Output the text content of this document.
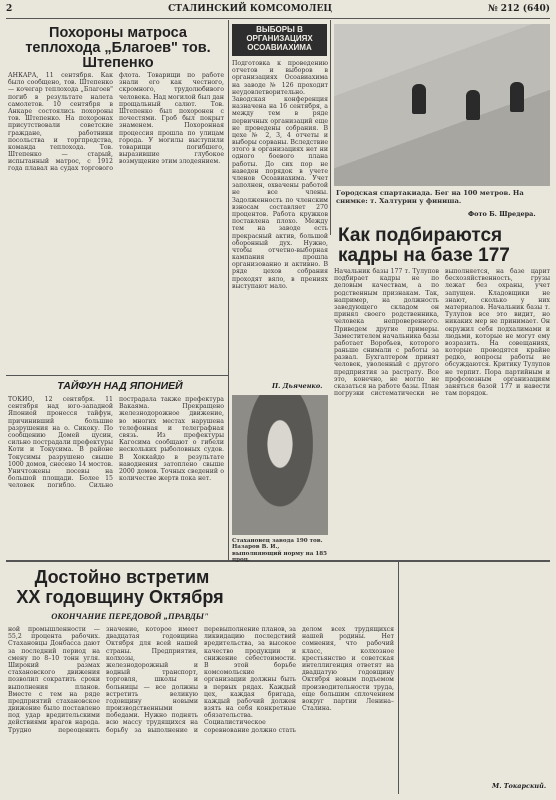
2	СТАЛИНСКИЙ КОМСОМОЛЕЦ	№ 212 (640)
Похороны матроса теплохода „Благоев" тов. Штепенко
АНКАРА, 11 сентября. Как было сообщено, тов. Штепенко — кочегар теплохода „Благоев" погиб в результате налета самолетов. 10 сентября в Анкаре состоялись похороны тов. Штепенко. На похоронах присутствовали советские граждане, работники посольства и торгпредства, команда теплохода. Тов. Штепенко — старый, испытанный матрос, с 1912 года плавал на судах торгового флота. Товарищи по работе знали его как честного, скромного, трудолюбивого человека. Над могилой был дан прощальный салют. Тов. Штепенко был похоронен с почестями. Гроб был покрыт знаменем. Похоронная процессия прошла по улицам города. У могилы выступили товарищи погибшего, выразившие глубокое возмущение этим злодеянием.
ВЫБОРЫ В ОРГАНИЗАЦИЯХ ОСОАВИАХИМА
Подготовка к проведению отчетов и выборов в организациях Осоавиахима на заводе № 126 проходит неудовлетворительно. Заводская конференция назначена на 16 сентября, а между тем в ряде первичных организаций еще не проведены собрания. В цехе № 2, 3, 4 отчеты и выборы сорваны. Вследствие этого в организациях нет ни одного боевого плана работы. До сих пор не наведен порядок в учете членов Осоавиахима. Учет заполнен, охвачены работой не все члены. Задолженность по членским взносам составляет 270 процентов. Работа кружков поставлена плохо. Между тем на заводе есть прекрасный актив, большой оборонный дух. Нужно, чтобы отчетно-выборная кампания прошла организованно и активно. В ряде цехов собрания проходят вяло, в прениях выступают мало.
П. Дьяченко.
Городская спартакиада. Бег на 100 метров. На снимке: т. Халтурин у финиша.
Фото Б. Шредера.
Как подбираются кадры на базе 177
Начальник базы 177 т. Тулупов подбирает кадры не по деловым качествам, а по родственным признакам. Так, например, на должность заведующего складом он принял своего родственника, человека непроверенного. Приведем другие примеры. Заместителем начальника базы работает Воробьев, которого раньше снимали с работы за развал. Бухгалтером принят человек, уволенный с другого предприятия за растрату. Все это, конечно, не могло не сказаться на работе базы. План погрузки систематически не выполняется, на базе царит бесхозяйственность, грузы лежат без охраны, учет запущен. Кладовщики не знают, сколько у них материалов. Начальник базы т. Тулупов все это видит, но никаких мер не принимает. Он окружил себя подхалимами и людьми, которые не могут ему возразить. На совещаниях, которые проводятся крайне редко, вопросы работы не обсуждаются. Критику Тулупов не терпит. Пора партийным и профсоюзным организациям заняться базой 177 и навести там порядок.
М. Токарский.
ТАЙФУН НАД ЯПОНИЕЙ
ТОКИО, 12 сентября. 11 сентября над юго-западной Японией пронесся тайфун, причинивший большие разрушения на о. Сикоку. По сообщению Домей цусин, сильно пострадали префектуры Коти и Токусима. В районе Токусимы разрушено свыше 1000 домов, снесено 14 мостов. Уничтожены посевы на большой площади. Более 15 человек погибло. Сильно пострадала также префектура Вакаяма. Прекращено железнодорожное движение, во многих местах нарушена телефонная и телеграфная связь. Из префектуры Кагосима сообщают о гибели нескольких рыболовных судов. В Хоккайдо в результате наводнения затоплено свыше 2000 домов. Точных сведений о количестве жертв пока нет.
Стахановец завода 190 тов. Назаров В. И., выполняющий норму на 185 проц.
Достойно встретим
XX годовщину Октября
ОКОНЧАНИЕ ПЕРЕДОВОЙ „ПРАВДЫ"
ной промышленности — 55,2 процента рабочих. Стахановцы Донбасса дают за последний период на смену по 8–10 тонн угля. Широкий размах стахановского движения позволил сократить сроки выполнения планов. Вместе с тем на ряде предприятий стахановское движение было поставлено под удар вредительскими действиями врагов народа. Трудно переоценить значение, которое имеет двадцатая годовщина Октября для всей нашей страны. Предприятия, колхозы, железнодорожный и водный транспорт, торговля, школы и больницы — все должны встретить великую годовщину новыми производственными победами. Нужно поднять всю массу трудящихся на борьбу за выполнение и перевыполнение планов, за ликвидацию последствий вредительства, за высокое качество продукции и снижение себестоимости. В этой борьбе комсомольские организации должны быть в первых рядах. Каждый цех, каждая бригада, каждый рабочий должен взять на себя конкретные обязательства. Социалистическое соревнование должно стать делом всех трудящихся нашей родины. Нет сомнения, что рабочий класс, колхозное крестьянство и советская интеллигенция ответят на двадцатую годовщину Октября новым подъемом производительности труда, еще большим сплочением вокруг партии Ленина–Сталина.
